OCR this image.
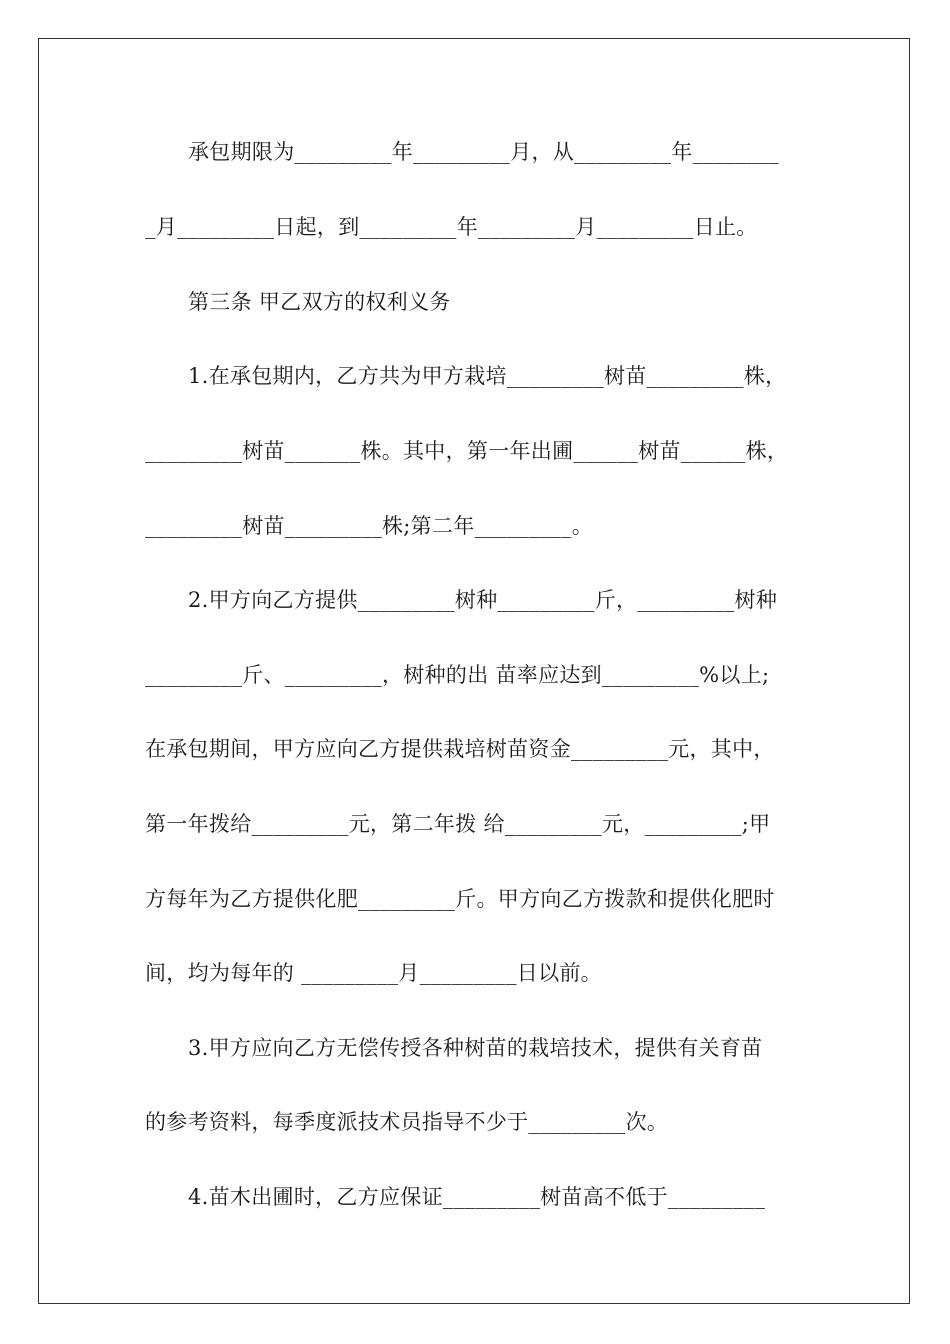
承包期限为_________年_________月，从_________年________
_月_________日起，到_________年_________月_________日止。
第三条 甲乙双方的权利义务
1.在承包期内，乙方共为甲方栽培_________树苗_________株，
_________树苗_______株。其中，第一年出圃______树苗______株，
_________树苗_________株;第二年_________。
2.甲方向乙方提供_________树种_________斤，_________树种
_________斤、_________，树种的出 苗率应达到_________%以上;
在承包期间，甲方应向乙方提供栽培树苗资金_________元，其中，
第一年拨给_________元，第二年拨 给_________元，_________;甲
方每年为乙方提供化肥_________斤。甲方向乙方拨款和提供化肥时
间，均为每年的 _________月_________日以前。
3.甲方应向乙方无偿传授各种树苗的栽培技术，提供有关育苗
的参考资料，每季度派技术员指导不少于_________次。
4.苗木出圃时，乙方应保证_________树苗高不低于_________
